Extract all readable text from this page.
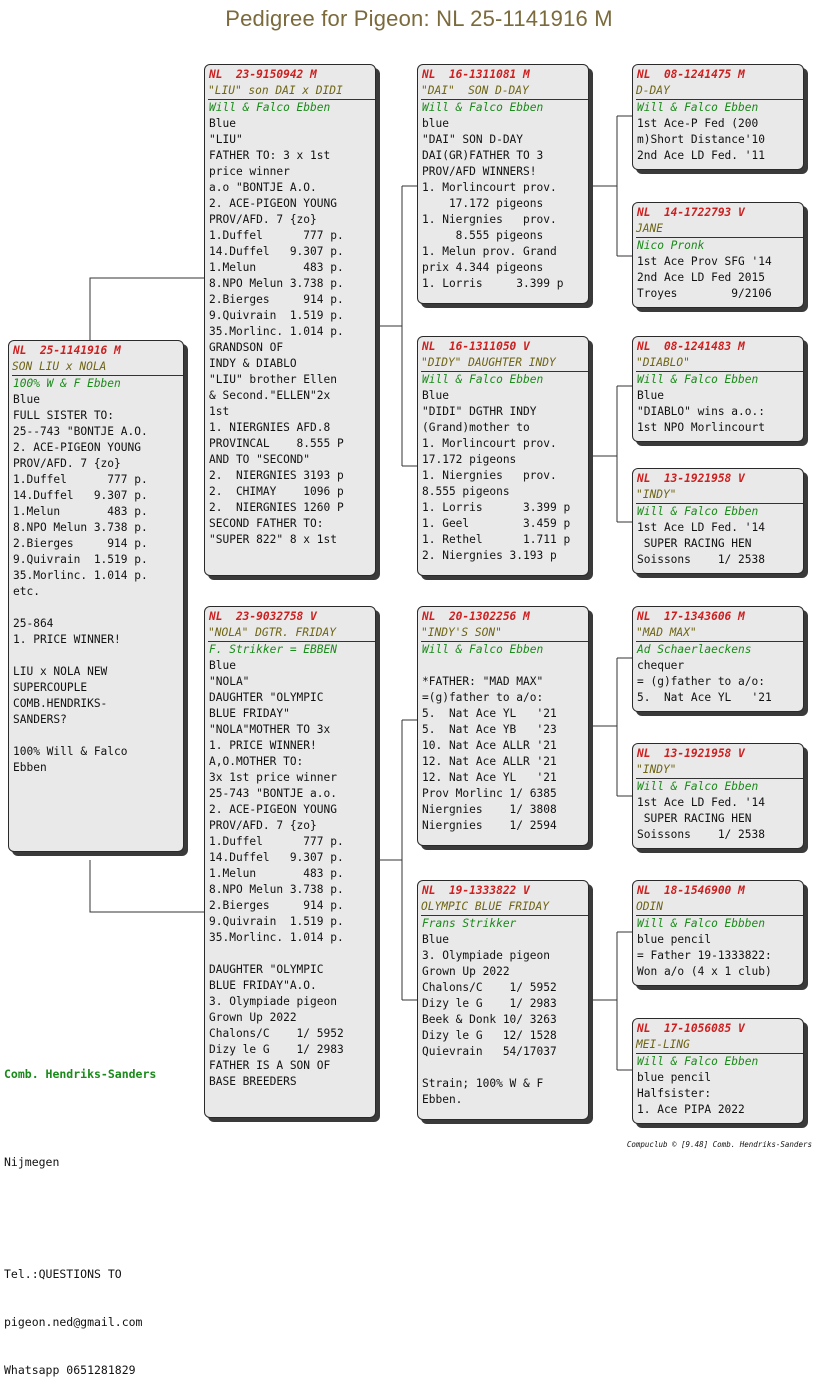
Pedigree for Pigeon: NL 25-1141916 M
NL  25-1141916 M
SON LIU x NOLA
100% W & F Ebben
Blue
FULL SISTER TO:
25--743 "BONTJE A.O.
2. ACE-PIGEON YOUNG
PROV/AFD. 7 {zo}
1.Duffel      777 p.
14.Duffel   9.307 p.
1.Melun       483 p.
8.NPO Melun 3.738 p.
2.Bierges     914 p.
9.Quivrain  1.519 p.
35.Morlinc. 1.014 p.
etc.
25-864
1. PRICE WINNER!
LIU x NOLA NEW
SUPERCOUPLE
COMB.HENDRIKS-
SANDERS?
100% Will & Falco
Ebben
NL  23-9150942 M
"LIU" son DAI x DIDI
Will & Falco Ebben
Blue
"LIU"
FATHER TO: 3 x 1st
price winner
a.o "BONTJE A.O.
2. ACE-PIGEON YOUNG
PROV/AFD. 7 {zo}
1.Duffel      777 p.
14.Duffel   9.307 p.
1.Melun       483 p.
8.NPO Melun 3.738 p.
2.Bierges     914 p.
9.Quivrain  1.519 p.
35.Morlinc. 1.014 p.
GRANDSON OF
INDY & DIABLO
"LIU" brother Ellen
& Second."ELLEN"2x
1st
1. NIERGNIES AFD.8
PROVINCAL    8.555 P
AND TO "SECOND"
2.  NIERGNIES 3193 p
2.  CHIMAY    1096 p
2.  NIERGNIES 1260 P
SECOND FATHER TO:
"SUPER 822" 8 x 1st
NL  23-9032758 V
"NOLA" DGTR. FRIDAY
F. Strikker = EBBEN
Blue
"NOLA"
DAUGHTER "OLYMPIC
BLUE FRIDAY"
"NOLA"MOTHER TO 3x
1. PRICE WINNER!
A,O.MOTHER TO:
3x 1st price winner
25-743 "BONTJE a.o.
2. ACE-PIGEON YOUNG
PROV/AFD. 7 {zo}
1.Duffel      777 p.
14.Duffel   9.307 p.
1.Melun       483 p.
8.NPO Melun 3.738 p.
2.Bierges     914 p.
9.Quivrain  1.519 p.
35.Morlinc. 1.014 p.
DAUGHTER "OLYMPIC
BLUE FRIDAY"A.O.
3. Olympiade pigeon
Grown Up 2022
Chalons/C    1/ 5952
Dizy le G    1/ 2983
FATHER IS A SON OF
BASE BREEDERS
NL  16-1311081 M
"DAI"  SON D-DAY
Will & Falco Ebben
blue
"DAI" SON D-DAY
DAI(GR)FATHER TO 3
PROV/AFD WINNERS!
1. Morlincourt prov.
17.172 pigeons
1. Niergnies   prov.
8.555 pigeons
1. Melun prov. Grand
prix 4.344 pigeons
1. Lorris     3.399 p
NL  16-1311050 V
"DIDY" DAUGHTER INDY
Will & Falco Ebben
Blue
"DIDI" DGTHR INDY
(Grand)mother to
1. Morlincourt prov.
17.172 pigeons
1. Niergnies   prov.
8.555 pigeons
1. Lorris      3.399 p
1. Geel        3.459 p
1. Rethel      1.711 p
2. Niergnies 3.193 p
NL  20-1302256 M
"INDY'S SON"
Will & Falco Ebben
*FATHER: "MAD MAX"
=(g)father to a/o:
5.  Nat Ace YL   '21
5.  Nat Ace YB   '23
10. Nat Ace ALLR '21
12. Nat Ace ALLR '21
12. Nat Ace YL   '21
Prov Morlinc 1/ 6385
Niergnies    1/ 3808
Niergnies    1/ 2594
NL  19-1333822 V
OLYMPIC BLUE FRIDAY
Frans Strikker
Blue
3. Olympiade pigeon
Grown Up 2022
Chalons/C    1/ 5952
Dizy le G    1/ 2983
Beek & Donk 10/ 3263
Dizy le G   12/ 1528
Quievrain   54/17037
Strain; 100% W & F
Ebben.
NL  08-1241475 M
D-DAY
Will & Falco Ebben
1st Ace-P Fed (200
m)Short Distance'10
2nd Ace LD Fed. '11
NL  14-1722793 V
JANE
Nico Pronk
1st Ace Prov SFG '14
2nd Ace LD Fed 2015
Troyes        9/2106
NL  08-1241483 M
"DIABLO"
Will & Falco Ebben
Blue
"DIABLO" wins a.o.:
1st NPO Morlincourt
NL  13-1921958 V
"INDY"
Will & Falco Ebben
1st Ace LD Fed. '14
SUPER RACING HEN
Soissons    1/ 2538
NL  17-1343606 M
"MAD MAX"
Ad Schaerlaeckens
chequer
= (g)father to a/o:
5.  Nat Ace YL   '21
NL  13-1921958 V
"INDY"
Will & Falco Ebben
1st Ace LD Fed. '14
SUPER RACING HEN
Soissons    1/ 2538
NL  18-1546900 M
ODIN
Will & Falco Ebbben
blue pencil
= Father 19-1333822:
Won a/o (4 x 1 club)
NL  17-1056085 V
MEI-LING
Will & Falco Ebben
blue pencil
Halfsister:
1. Ace PIPA 2022

Comb. Hendriks-Sanders

Nijmegen

Tel.:QUESTIONS TO

pigeon.ned@gmail.com

Whatsapp 0651281829

Compuclub © [9.48] Comb. Hendriks-Sanders
